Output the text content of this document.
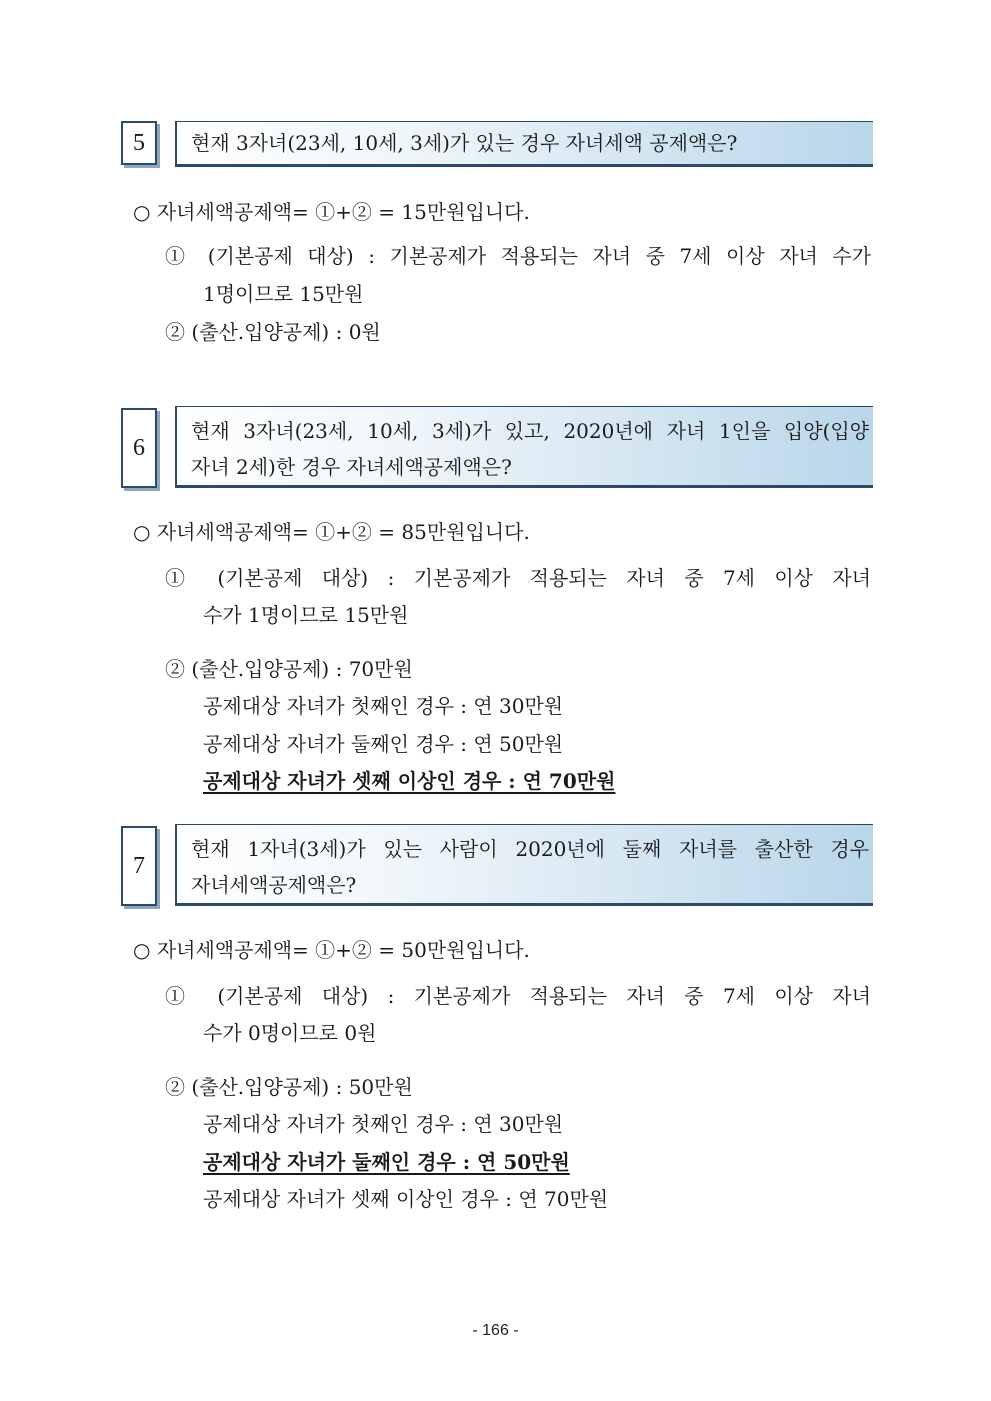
5	현재 3자녀(23세, 10세, 3세)가 있는 경우 자녀세액 공제액은?
○ 자녀세액공제액= ①+② = 15만원입니다.
① (기본공제 대상) : 기본공제가 적용되는 자녀 중 7세 이상 자녀 수가
1명이므로 15만원
② (출산.입양공제) : 0원
6
현재 3자녀(23세, 10세, 3세)가 있고, 2020년에 자녀 1인을 입양(입양
자녀 2세)한 경우 자녀세액공제액은?
○ 자녀세액공제액= ①+② = 85만원입니다.
① (기본공제 대상) : 기본공제가 적용되는 자녀 중 7세 이상 자녀
수가 1명이므로 15만원
② (출산.입양공제) : 70만원
공제대상 자녀가 첫째인 경우 : 연 30만원
공제대상 자녀가 둘째인 경우 : 연 50만원
공제대상 자녀가 셋째 이상인 경우 : 연 70만원
7
현재 1자녀(3세)가 있는 사람이 2020년에 둘째 자녀를 출산한 경우
자녀세액공제액은?
○ 자녀세액공제액= ①+② = 50만원입니다.
① (기본공제 대상) : 기본공제가 적용되는 자녀 중 7세 이상 자녀
수가 0명이므로 0원
② (출산.입양공제) : 50만원
공제대상 자녀가 첫째인 경우 : 연 30만원
공제대상 자녀가 둘째인 경우 : 연 50만원
공제대상 자녀가 셋째 이상인 경우 : 연 70만원
- 166 -
